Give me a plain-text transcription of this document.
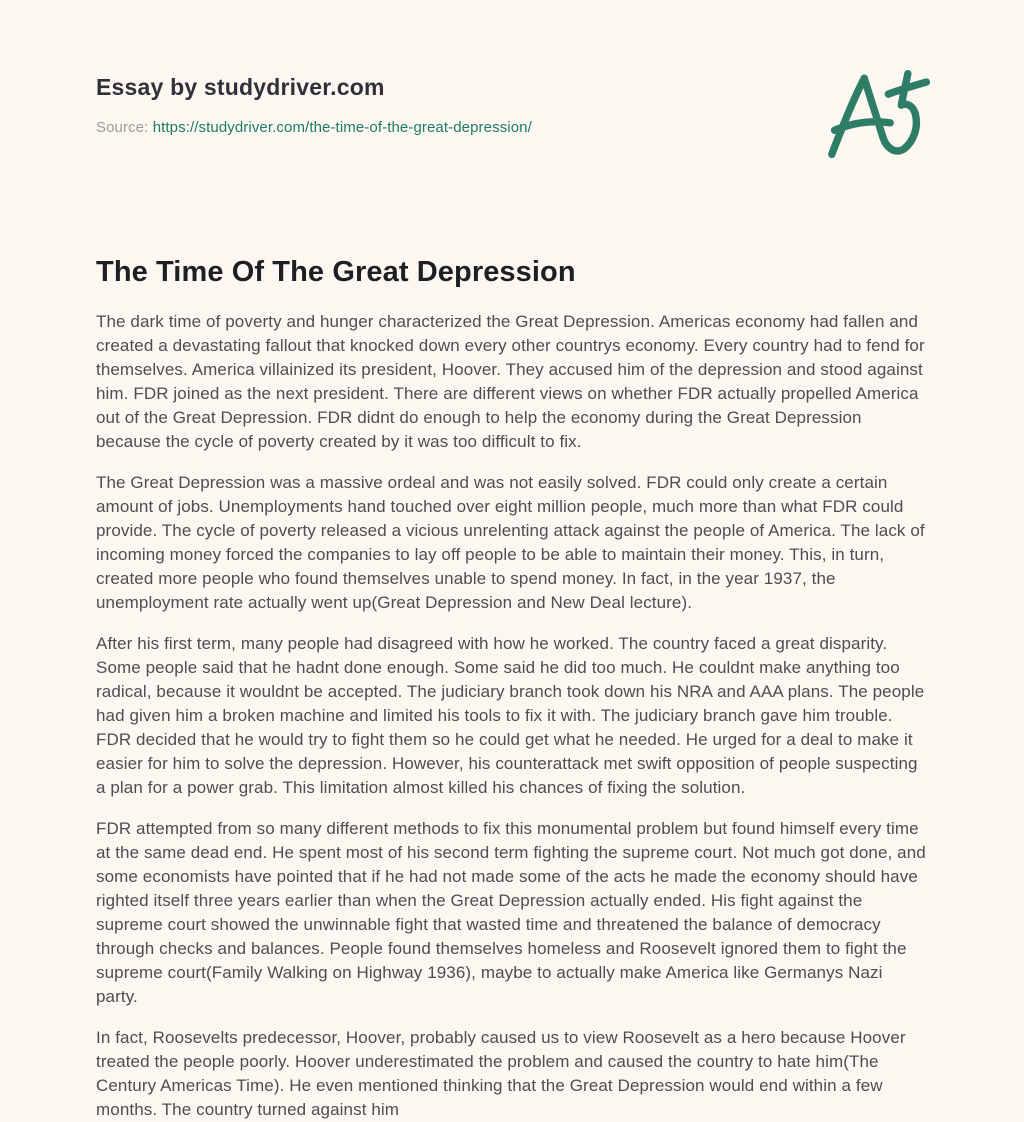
Essay by studydriver.com
Source: https://studydriver.com/the-time-of-the-great-depression/
The Time Of The Great Depression

The dark time of poverty and hunger characterized the Great Depression. Americas economy had fallen and created a devastating fallout that knocked down every other countrys economy. Every country had to fend for themselves. America villainized its president, Hoover. They accused him of the depression and stood against him. FDR joined as the next president. There are different views on whether FDR actually propelled America out of the Great Depression. FDR didnt do enough to help the economy during the Great Depression because the cycle of poverty created by it was too difficult to fix.

The Great Depression was a massive ordeal and was not easily solved. FDR could only create a certain amount of jobs. Unemployments hand touched over eight million people, much more than what FDR could provide. The cycle of poverty released a vicious unrelenting attack against the people of America. The lack of incoming money forced the companies to lay off people to be able to maintain their money. This, in turn, created more people who found themselves unable to spend money. In fact, in the year 1937, the unemployment rate actually went up(Great Depression and New Deal lecture).

After his first term, many people had disagreed with how he worked. The country faced a great disparity. Some people said that he hadnt done enough. Some said he did too much. He couldnt make anything too radical, because it wouldnt be accepted. The judiciary branch took down his NRA and AAA plans. The people had given him a broken machine and limited his tools to fix it with. The judiciary branch gave him trouble. FDR decided that he would try to fight them so he could get what he needed. He urged for a deal to make it easier for him to solve the depression. However, his counterattack met swift opposition of people suspecting a plan for a power grab. This limitation almost killed his chances of fixing the solution.

FDR attempted from so many different methods to fix this monumental problem but found himself every time at the same dead end. He spent most of his second term fighting the supreme court. Not much got done, and some economists have pointed that if he had not made some of the acts he made the economy should have righted itself three years earlier than when the Great Depression actually ended. His fight against the supreme court showed the unwinnable fight that wasted time and threatened the balance of democracy through checks and balances. People found themselves homeless and Roosevelt ignored them to fight the supreme court(Family Walking on Highway 1936), maybe to actually make America like Germanys Nazi party.

In fact, Roosevelts predecessor, Hoover, probably caused us to view Roosevelt as a hero because Hoover treated the people poorly. Hoover underestimated the problem and caused the country to hate him(The Century Americas Time). He even mentioned thinking that the Great Depression would end within a few months. The country turned against him
